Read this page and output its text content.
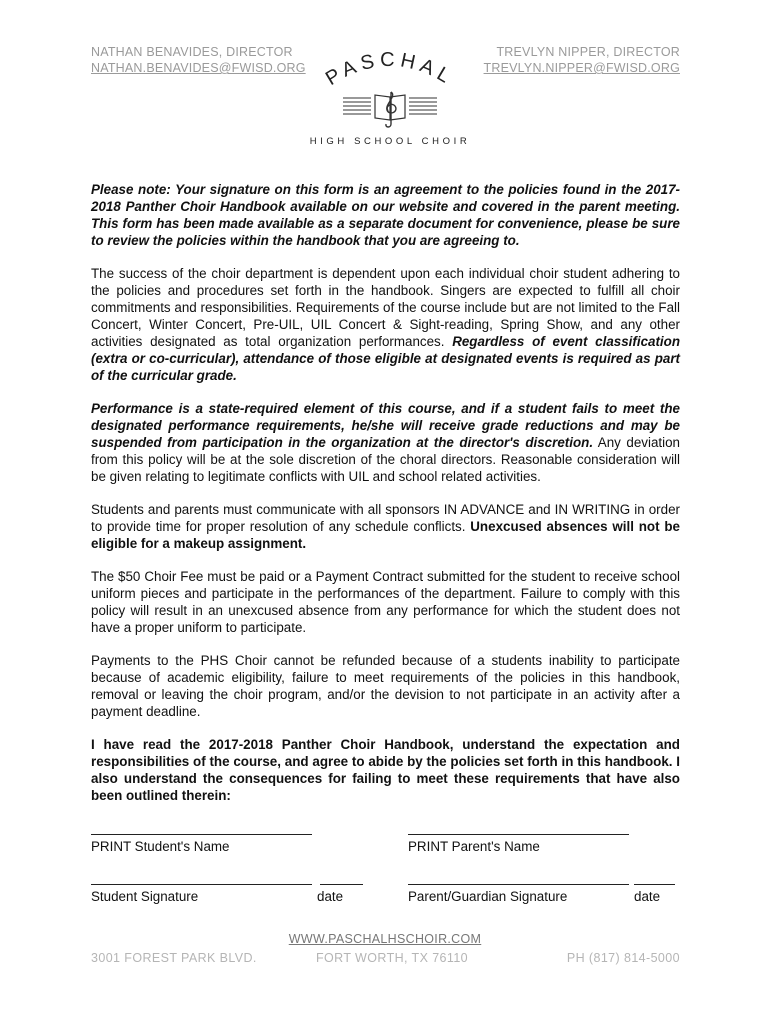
NATHAN BENAVIDES, DIRECTOR
NATHAN.BENAVIDES@FWISD.ORG
TREVLYN NIPPER, DIRECTOR
TREVLYN.NIPPER@FWISD.ORG
PASCHAL
HIGH SCHOOL CHOIR

Please note: Your signature on this form is an agreement to the policies found in the 2017-2018 Panther Choir Handbook available on our website and covered in the parent meeting. This form has been made available as a separate document for convenience, please be sure to review the policies within the handbook that you are agreeing to.

The success of the choir department is dependent upon each individual choir student adhering to the policies and procedures set forth in the handbook. Singers are expected to fulfill all choir commitments and responsibilities. Requirements of the course include but are not limited to the Fall Concert, Winter Concert, Pre-UIL, UIL Concert & Sight-reading, Spring Show, and any other activities designated as total organization performances. Regardless of event classification (extra or co-curricular), attendance of those eligible at designated events is required as part of the curricular grade.

Performance is a state-required element of this course, and if a student fails to meet the designated performance requirements, he/she will receive grade reductions and may be suspended from participation in the organization at the director's discretion. Any deviation from this policy will be at the sole discretion of the choral directors. Reasonable consideration will be given relating to legitimate conflicts with UIL and school related activities.

Students and parents must communicate with all sponsors IN ADVANCE and IN WRITING in order to provide time for proper resolution of any schedule conflicts. Unexcused absences will not be eligible for a makeup assignment.

The $50 Choir Fee must be paid or a Payment Contract submitted for the student to receive school uniform pieces and participate in the performances of the department. Failure to comply with this policy will result in an unexcused absence from any performance for which the student does not have a proper uniform to participate.

Payments to the PHS Choir cannot be refunded because of a students inability to participate because of academic eligibility, failure to meet requirements of the policies in this handbook, removal or leaving the choir program, and/or the devision to not participate in an activity after a payment deadline.

I have read the 2017-2018 Panther Choir Handbook, understand the expectation and responsibilities of the course, and agree to abide by the policies set forth in this handbook. I also understand the consequences for failing to meet these requirements that have also been outlined therein:

PRINT Student's Name	PRINT Parent's Name
Student Signature	date	Parent/Guardian Signature	date
WWW.PASCHALHSCHOIR.COM
3001 FOREST PARK BLVD.	FORT WORTH, TX 76110	PH (817) 814-5000
